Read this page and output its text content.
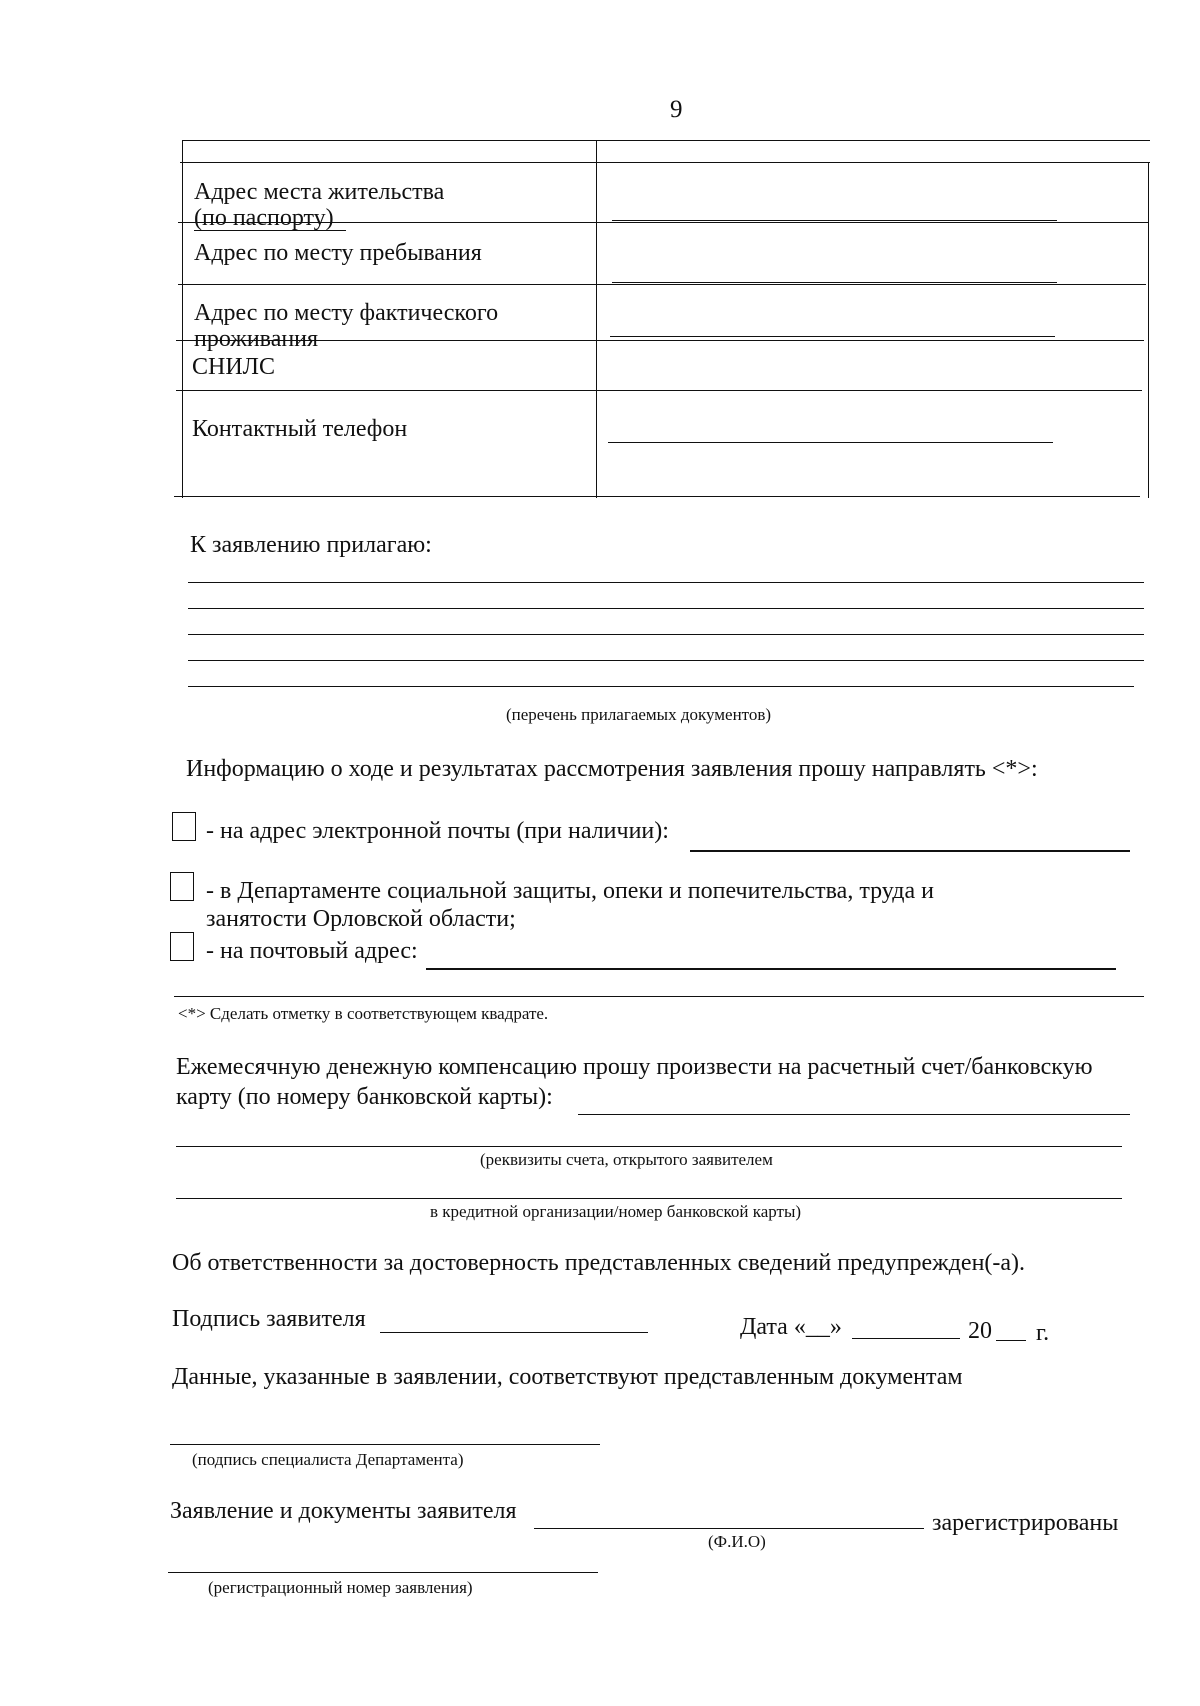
9
Адрес места жительства
(по паспорту)
Адрес по месту пребывания
Адрес по месту фактического
проживания
СНИЛС
Контактный телефон
К заявлению прилагаю:
(перечень прилагаемых документов)
Информацию о ходе и результатах рассмотрения заявления прошу направлять <*>:
- на адрес электронной почты (при наличии):
- в Департаменте социальной защиты, опеки и попечительства, труда и
занятости Орловской области;
- на почтовый адрес:
<*> Сделать отметку в соответствующем квадрате.
Ежемесячную денежную компенсацию прошу произвести на расчетный счет/банковскую
карту (по номеру банковской карты):
(реквизиты счета, открытого заявителем
в кредитной организации/номер банковской карты)
Об ответственности за достоверность представленных сведений предупрежден(-а).
Подпись заявителя	Дата «__»	20 г.
Данные, указанные в заявлении, соответствуют представленным документам
(подпись специалиста Департамента)
Заявление и документы заявителя	зарегистрированы
(Ф.И.О)
(регистрационный номер заявления)
